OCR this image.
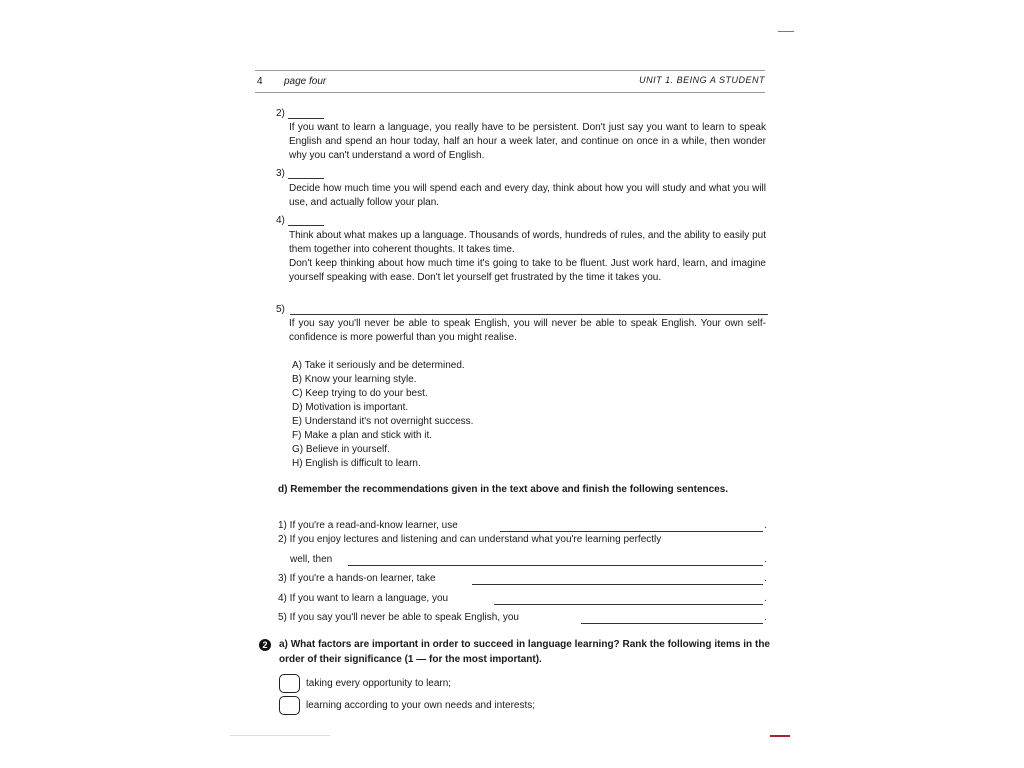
4 page four	UNIT 1. BEING A STUDENT
2)
If you want to learn a language, you really have to be persistent. Don't just say you want to learn to speak English and spend an hour today, half an hour a week later, and continue on once in a while, then wonder why you can't understand a word of English.
3)
Decide how much time you will spend each and every day, think about how you will study and what you will use, and actually follow your plan.
4)
Think about what makes up a language. Thousands of words, hundreds of rules, and the ability to easily put them together into coherent thoughts. It takes time.
Don't keep thinking about how much time it's going to take to be fluent. Just work hard, learn, and imagine yourself speaking with ease. Don't let yourself get frustrated by the time it takes you.
5)
If you say you'll never be able to speak English, you will never be able to speak English. Your own self-confidence is more powerful than you might realise.
A) Take it seriously and be determined.
B) Know your learning style.
C) Keep trying to do your best.
D) Motivation is important.
E) Understand it's not overnight success.
F) Make a plan and stick with it.
G) Believe in yourself.
H) English is difficult to learn.
d) Remember the recommendations given in the text above and finish the following sentences.
1) If you're a read-and-know learner, use	.
2) If you enjoy lectures and listening and can understand what you're learning perfectly
well, then	.
3) If you're a hands-on learner, take	.
4) If you want to learn a language, you	.
5) If you say you'll never be able to speak English, you	.
2	a) What factors are important in order to succeed in language learning? Rank the following items in the order of their significance (1 — for the most important).
taking every opportunity to learn;
learning according to your own needs and interests;
